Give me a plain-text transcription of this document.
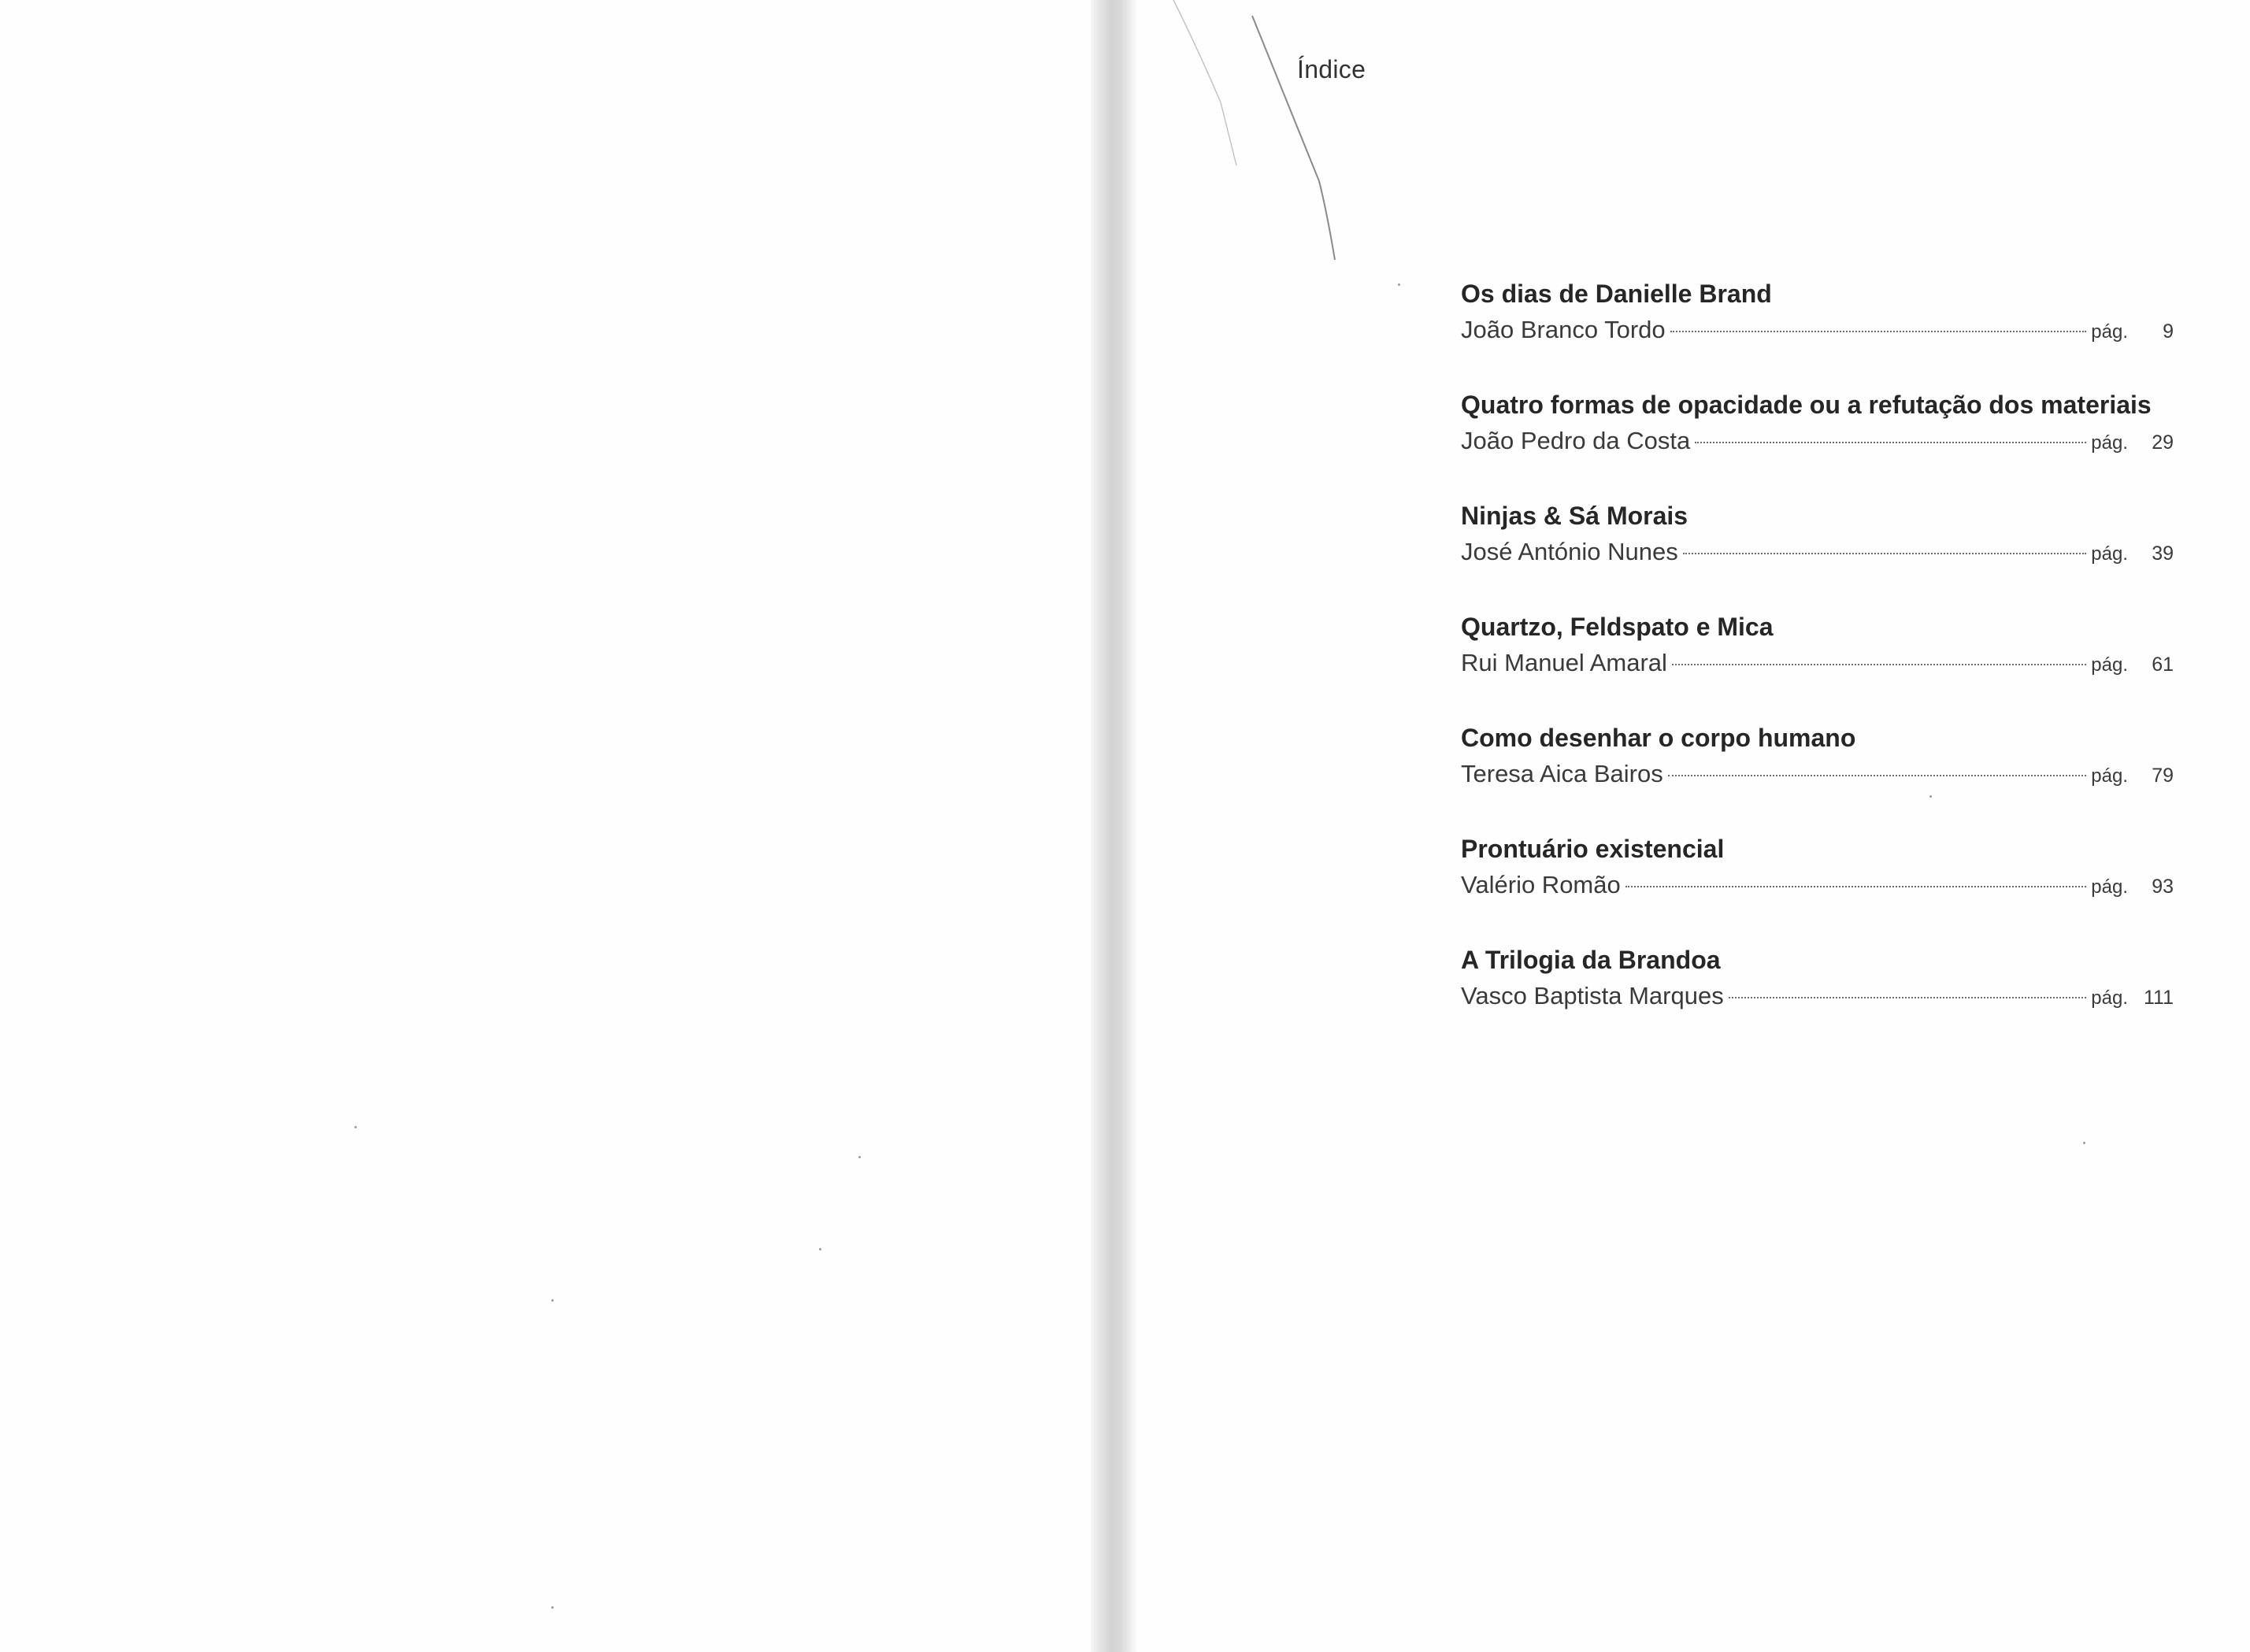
Índice
Os dias de Danielle Brand
João Branco Tordo	pág.	9
Quatro formas de opacidade ou a refutação dos materiais
João Pedro da Costa	pág.	29
Ninjas & Sá Morais
José António Nunes	pág.	39
Quartzo, Feldspato e Mica
Rui Manuel Amaral	pág.	61
Como desenhar o corpo humano
Teresa Aica Bairos	pág.	79
Prontuário existencial
Valério Romão	pág.	93
A Trilogia da Brandoa
Vasco Baptista Marques	pág. 111
